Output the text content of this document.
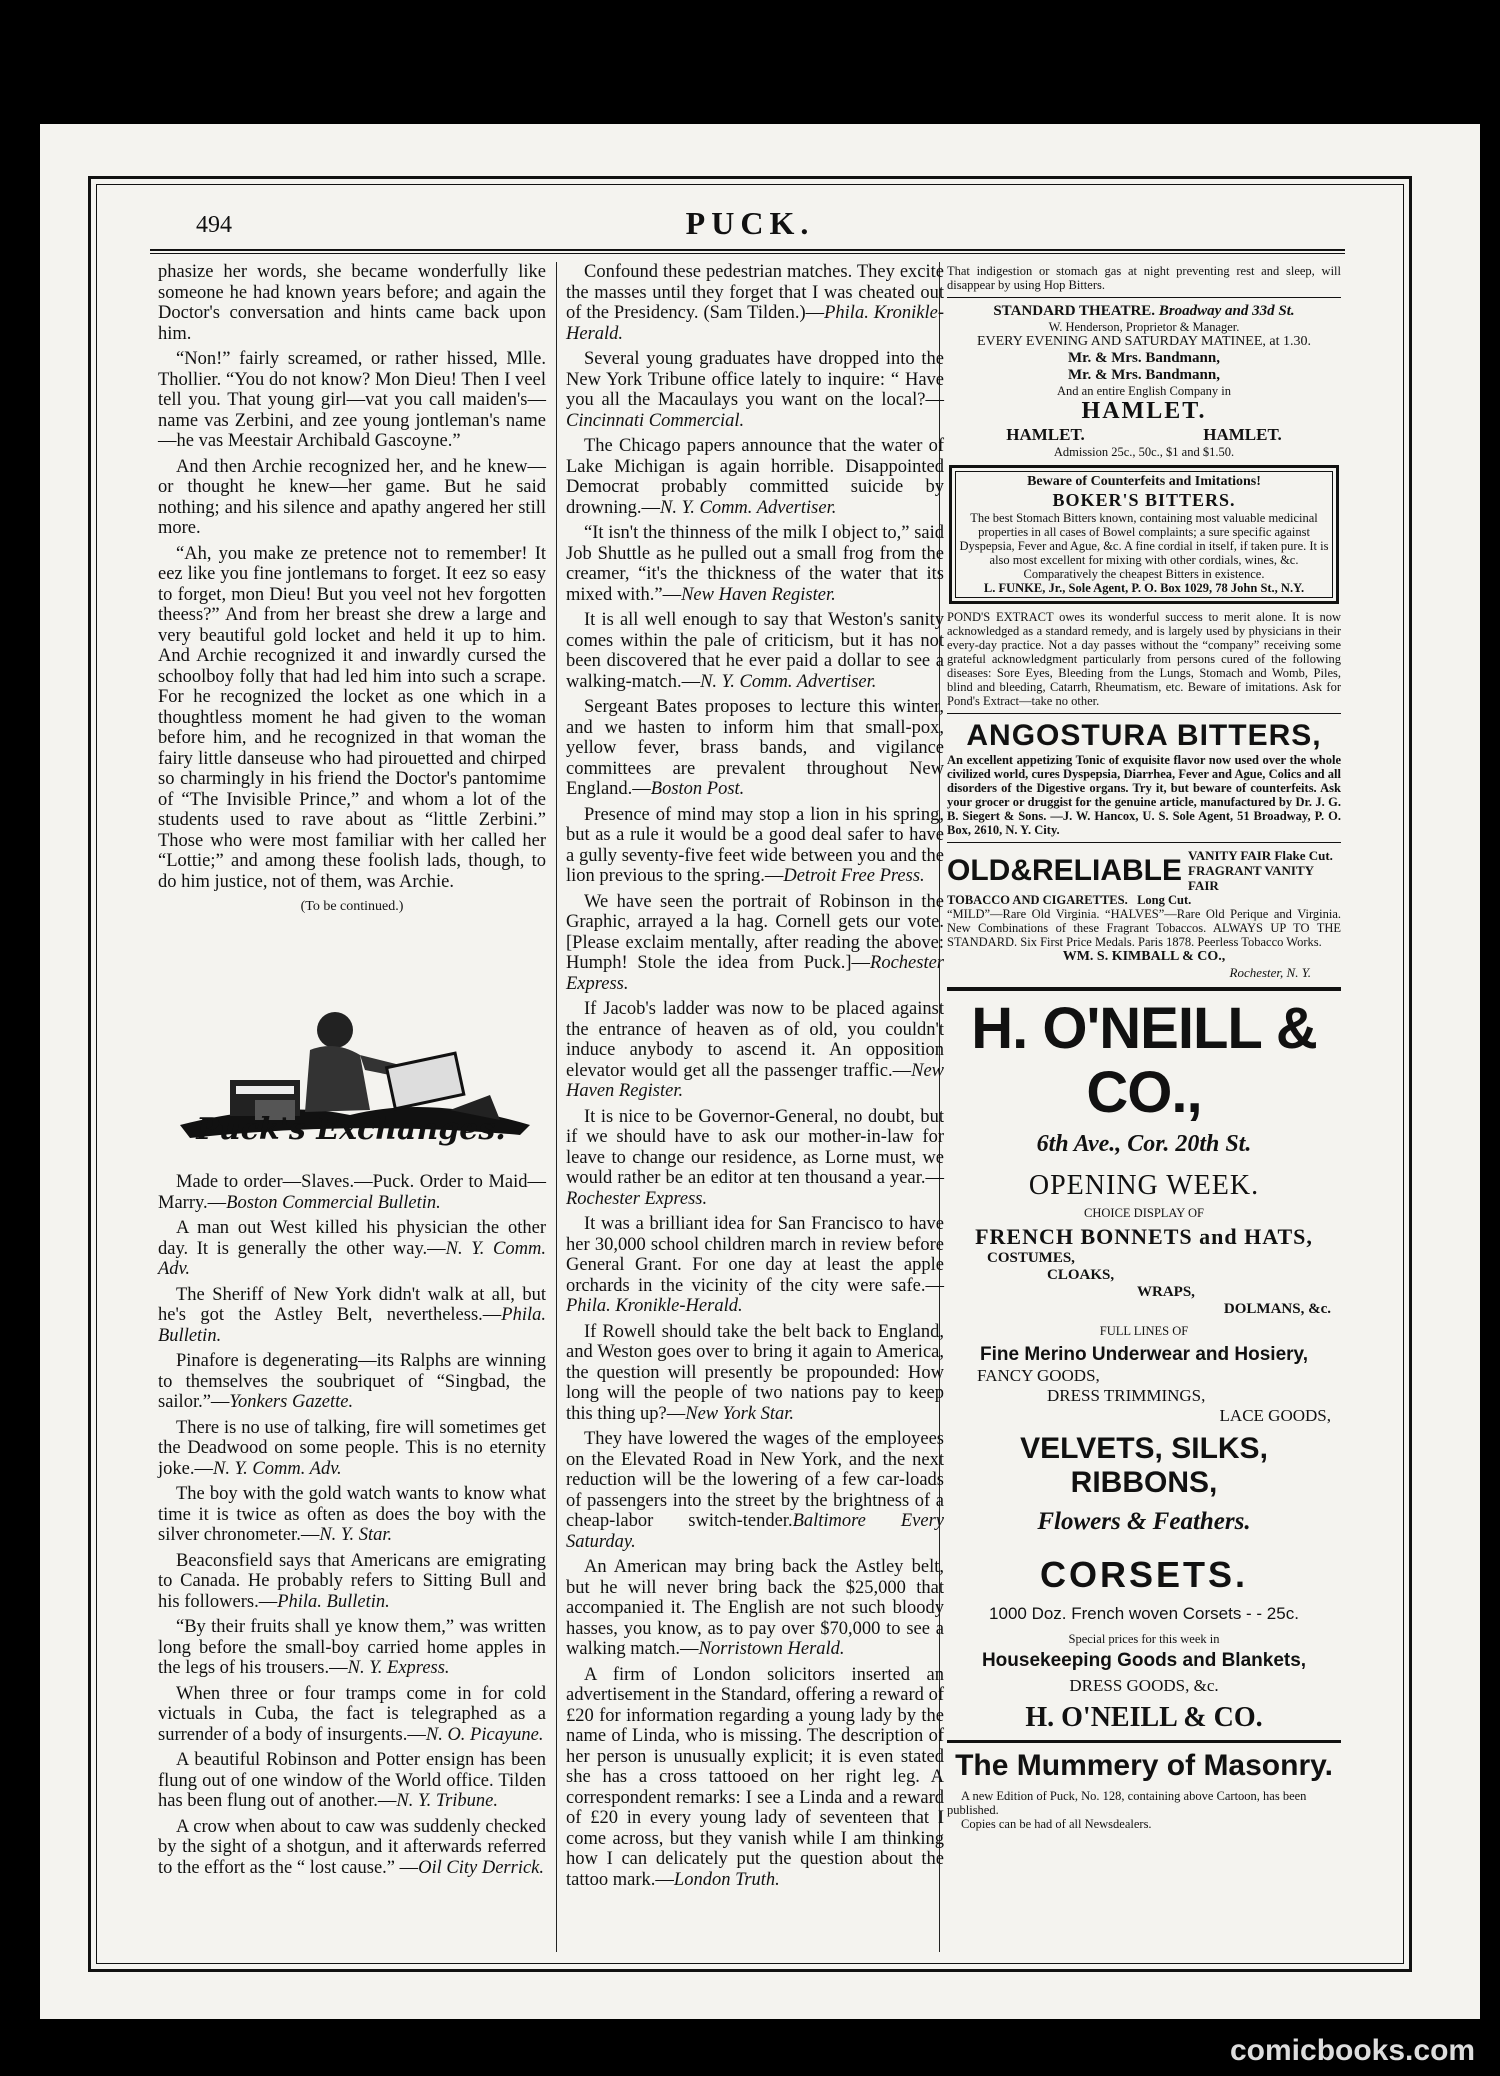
494	PUCK.

phasize her words, she became wonderfully like someone he had known years before; and again the Doctor's conversation and hints came back upon him.

“Non!” fairly screamed, or rather hissed, Mlle. Thollier. “You do not know? Mon Dieu! Then I veel tell you. That young girl—vat you call maiden's—name vas Zerbini, and zee young jontleman's name—he vas Meestair Archibald Gascoyne.”

And then Archie recognized her, and he knew—or thought he knew—her game. But he said nothing; and his silence and apathy angered her still more.

“Ah, you make ze pretence not to remember! It eez like you fine jontlemans to forget. It eez so easy to forget, mon Dieu! But you veel not hev forgotten theess?” And from her breast she drew a large and very beautiful gold locket and held it up to him. And Archie recognized it and inwardly cursed the schoolboy folly that had led him into such a scrape. For he recognized the locket as one which in a thoughtless moment he had given to the woman before him, and he recognized in that woman the fairy little danseuse who had pirouetted and chirped so charmingly in his friend the Doctor's pantomime of “The Invisible Prince,” and whom a lot of the students used to rave about as “little Zerbini.” Those who were most familiar with her called her “Lottie;” and among these foolish lads, though, to do him justice, not of them, was Archie.

(To be continued.)

Puck's Exchanges.

Made to order—Slaves.—Puck. Order to Maid—Marry.—Boston Commercial Bulletin.

A man out West killed his physician the other day. It is generally the other way.—N. Y. Comm. Adv.

The Sheriff of New York didn't walk at all, but he's got the Astley Belt, nevertheless.—Phila. Bulletin.

Pinafore is degenerating—its Ralphs are winning to themselves the soubriquet of “Singbad, the sailor.”—Yonkers Gazette.

There is no use of talking, fire will sometimes get the Deadwood on some people. This is no eternity joke.—N. Y. Comm. Adv.

The boy with the gold watch wants to know what time it is twice as often as does the boy with the silver chronometer.—N. Y. Star.

Beaconsfield says that Americans are emigrating to Canada. He probably refers to Sitting Bull and his followers.—Phila. Bulletin.

“By their fruits shall ye know them,” was written long before the small-boy carried home apples in the legs of his trousers.—N. Y. Express.

When three or four tramps come in for cold victuals in Cuba, the fact is telegraphed as a surrender of a body of insurgents.—N. O. Picayune.

A beautiful Robinson and Potter ensign has been flung out of one window of the World office. Tilden has been flung out of another.—N. Y. Tribune.

A crow when about to caw was suddenly checked by the sight of a shotgun, and it afterwards referred to the effort as the “ lost cause.” —Oil City Derrick.

Confound these pedestrian matches. They excite the masses until they forget that I was cheated out of the Presidency. (Sam Tilden.)—Phila. Kronikle-Herald.

Several young graduates have dropped into the New York Tribune office lately to inquire: “ Have you all the Macaulays you want on the local?—Cincinnati Commercial.

The Chicago papers announce that the water of Lake Michigan is again horrible. Disappointed Democrat probably committed suicide by drowning.—N. Y. Comm. Advertiser.

“It isn't the thinness of the milk I object to,” said Job Shuttle as he pulled out a small frog from the creamer, “it's the thickness of the water that its mixed with.”—New Haven Register.

It is all well enough to say that Weston's sanity comes within the pale of criticism, but it has not been discovered that he ever paid a dollar to see a walking-match.—N. Y. Comm. Advertiser.

Sergeant Bates proposes to lecture this winter, and we hasten to inform him that small-pox, yellow fever, brass bands, and vigilance committees are prevalent throughout New England.—Boston Post.

Presence of mind may stop a lion in his spring, but as a rule it would be a good deal safer to have a gully seventy-five feet wide between you and the lion previous to the spring.—Detroit Free Press.

We have seen the portrait of Robinson in the Graphic, arrayed a la hag. Cornell gets our vote. [Please exclaim mentally, after reading the above: Humph! Stole the idea from Puck.]—Rochester Express.

If Jacob's ladder was now to be placed against the entrance of heaven as of old, you couldn't induce anybody to ascend it. An opposition elevator would get all the passenger traffic.—New Haven Register.

It is nice to be Governor-General, no doubt, but if we should have to ask our mother-in-law for leave to change our residence, as Lorne must, we would rather be an editor at ten thousand a year.—Rochester Express.

It was a brilliant idea for San Francisco to have her 30,000 school children march in review before General Grant. For one day at least the apple orchards in the vicinity of the city were safe.—Phila. Kronikle-Herald.

If Rowell should take the belt back to England, and Weston goes over to bring it again to America, the question will presently be propounded: How long will the people of two nations pay to keep this thing up?—New York Star.

They have lowered the wages of the employees on the Elevated Road in New York, and the next reduction will be the lowering of a few car-loads of passengers into the street by the brightness of a cheap-labor switch-tender.Baltimore Every Saturday.

An American may bring back the Astley belt, but he will never bring back the $25,000 that accompanied it. The English are not such bloody hasses, you know, as to pay over $70,000 to see a walking match.—Norristown Herald.

A firm of London solicitors inserted an advertisement in the Standard, offering a reward of £20 for information regarding a young lady by the name of Linda, who is missing. The description of her person is unusually explicit; it is even stated she has a cross tattooed on her right leg. A correspondent remarks: I see a Linda and a reward of £20 in every young lady of seventeen that I come across, but they vanish while I am thinking how I can delicately put the question about the tattoo mark.—London Truth.

That indigestion or stomach gas at night preventing rest and sleep, will disappear by using Hop Bitters.
STANDARD THEATRE. Broadway and 33d St.
W. Henderson, Proprietor & Manager.
EVERY EVENING AND SATURDAY MATINEE, at 1.30.
Mr. & Mrs. Bandmann,
Mr. & Mrs. Bandmann,
And an entire English Company in
HAMLET.
HAMLET.	HAMLET.
Admission 25c., 50c., $1 and $1.50.
Beware of Counterfeits and Imitations!
BOKER'S BITTERS.
The best Stomach Bitters known, containing most valuable medicinal properties in all cases of Bowel complaints; a sure specific against Dyspepsia, Fever and Ague, &c. A fine cordial in itself, if taken pure. It is also most excellent for mixing with other cordials, wines, &c. Comparatively the cheapest Bitters in existence.
L. FUNKE, Jr., Sole Agent, P. O. Box 1029, 78 John St., N.Y.
POND'S EXTRACT owes its wonderful success to merit alone. It is now acknowledged as a standard remedy, and is largely used by physicians in their every-day practice. Not a day passes without the “company” receiving some grateful acknowledgment particularly from persons cured of the following diseases: Sore Eyes, Bleeding from the Lungs, Stomach and Womb, Piles, blind and bleeding, Catarrh, Rheumatism, etc. Beware of imitations. Ask for Pond's Extract—take no other.
ANGOSTURA BITTERS,
An excellent appetizing Tonic of exquisite flavor now used over the whole civilized world, cures Dyspepsia, Diarrhea, Fever and Ague, Colics and all disorders of the Digestive organs. Try it, but beware of counterfeits. Ask your grocer or druggist for the genuine article, manufactured by Dr. J. G. B. Siegert & Sons. —J. W. Hancox, U. S. Sole Agent, 51 Broadway, P. O. Box, 2610, N. Y. City.
OLD&RELIABLE VANITY FAIR Flake Cut.
FRAGRANT VANITY FAIR
TOBACCO AND CIGARETTES. Long Cut.
“MILD”—Rare Old Virginia. “HALVES”—Rare Old Perique and Virginia. New Combinations of these Fragrant Tobaccos. ALWAYS UP TO THE STANDARD. Six First Price Medals. Paris 1878. Peerless Tobacco Works.
WM. S. KIMBALL & CO.,
Rochester, N. Y.
H. O'NEILL & CO.,
6th Ave., Cor. 20th St.
OPENING WEEK.
CHOICE DISPLAY OF
FRENCH BONNETS and HATS,
COSTUMES,
CLOAKS,
WRAPS,
DOLMANS, &c.
FULL LINES OF
Fine Merino Underwear and Hosiery,
FANCY GOODS,
DRESS TRIMMINGS,
LACE GOODS,
VELVETS, SILKS, RIBBONS,
Flowers & Feathers.
CORSETS.
1000 Doz. French woven Corsets - - 25c.
Special prices for this week in
Housekeeping Goods and Blankets,
DRESS GOODS, &c.
H. O'NEILL & CO.
The Mummery of Masonry.
A new Edition of Puck, No. 128, containing above Cartoon, has been published.
Copies can be had of all Newsdealers.
comicbooks.com
